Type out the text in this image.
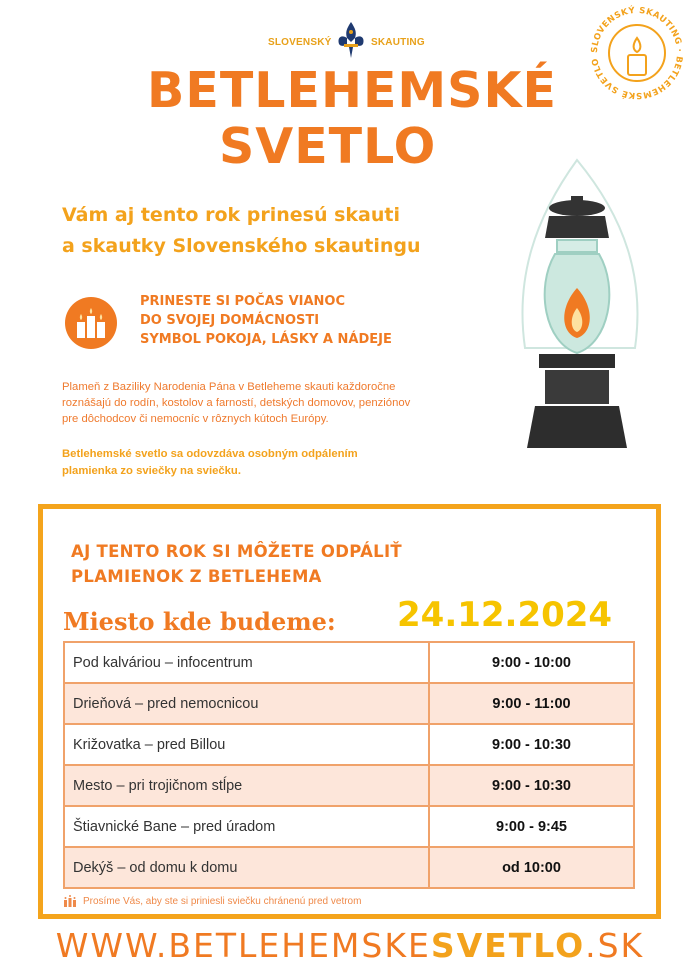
SLOVENSKÝ	SKAUTING
SLOVENSKÝ SKAUTING · BETLEHEMSKÉ SVETLO
BETLEHEMSKÉ
SVETLO
Vám aj tento rok prinesú skauti
a skautky Slovenského skautingu
PRINESTE SI POČAS VIANOC
DO SVOJEJ DOMÁCNOSTI
SYMBOL POKOJA, LÁSKY A NÁDEJE
Plameň z Baziliky Narodenia Pána v Betleheme skauti každoročne
roznášajú do rodín, kostolov a farností, detských domovov, penziónov
pre dôchodcov či nemocníc v rôznych kútoch Európy.
Betlehemské svetlo sa odovzdáva osobným odpálením
plamienka zo sviečky na sviečku.
AJ TENTO ROK SI MÔŽETE ODPÁLIŤ
PLAMIENOK Z BETLEHEMA
Miesto kde budeme: 24.12.2024
Pod kalváriou – infocentrum	9:00 - 10:00
Drieňová – pred nemocnicou	9:00 - 11:00
Križovatka – pred Billou	9:00 - 10:30
Mesto – pri trojičnom stĺpe	9:00 - 10:30
Štiavnické Bane – pred úradom	9:00 - 9:45
Dekýš – od domu k domu	od 10:00
Prosíme Vás, aby ste si priniesli sviečku chránenú pred vetrom
WWW.BETLEHEMSKESVETLO.SK
